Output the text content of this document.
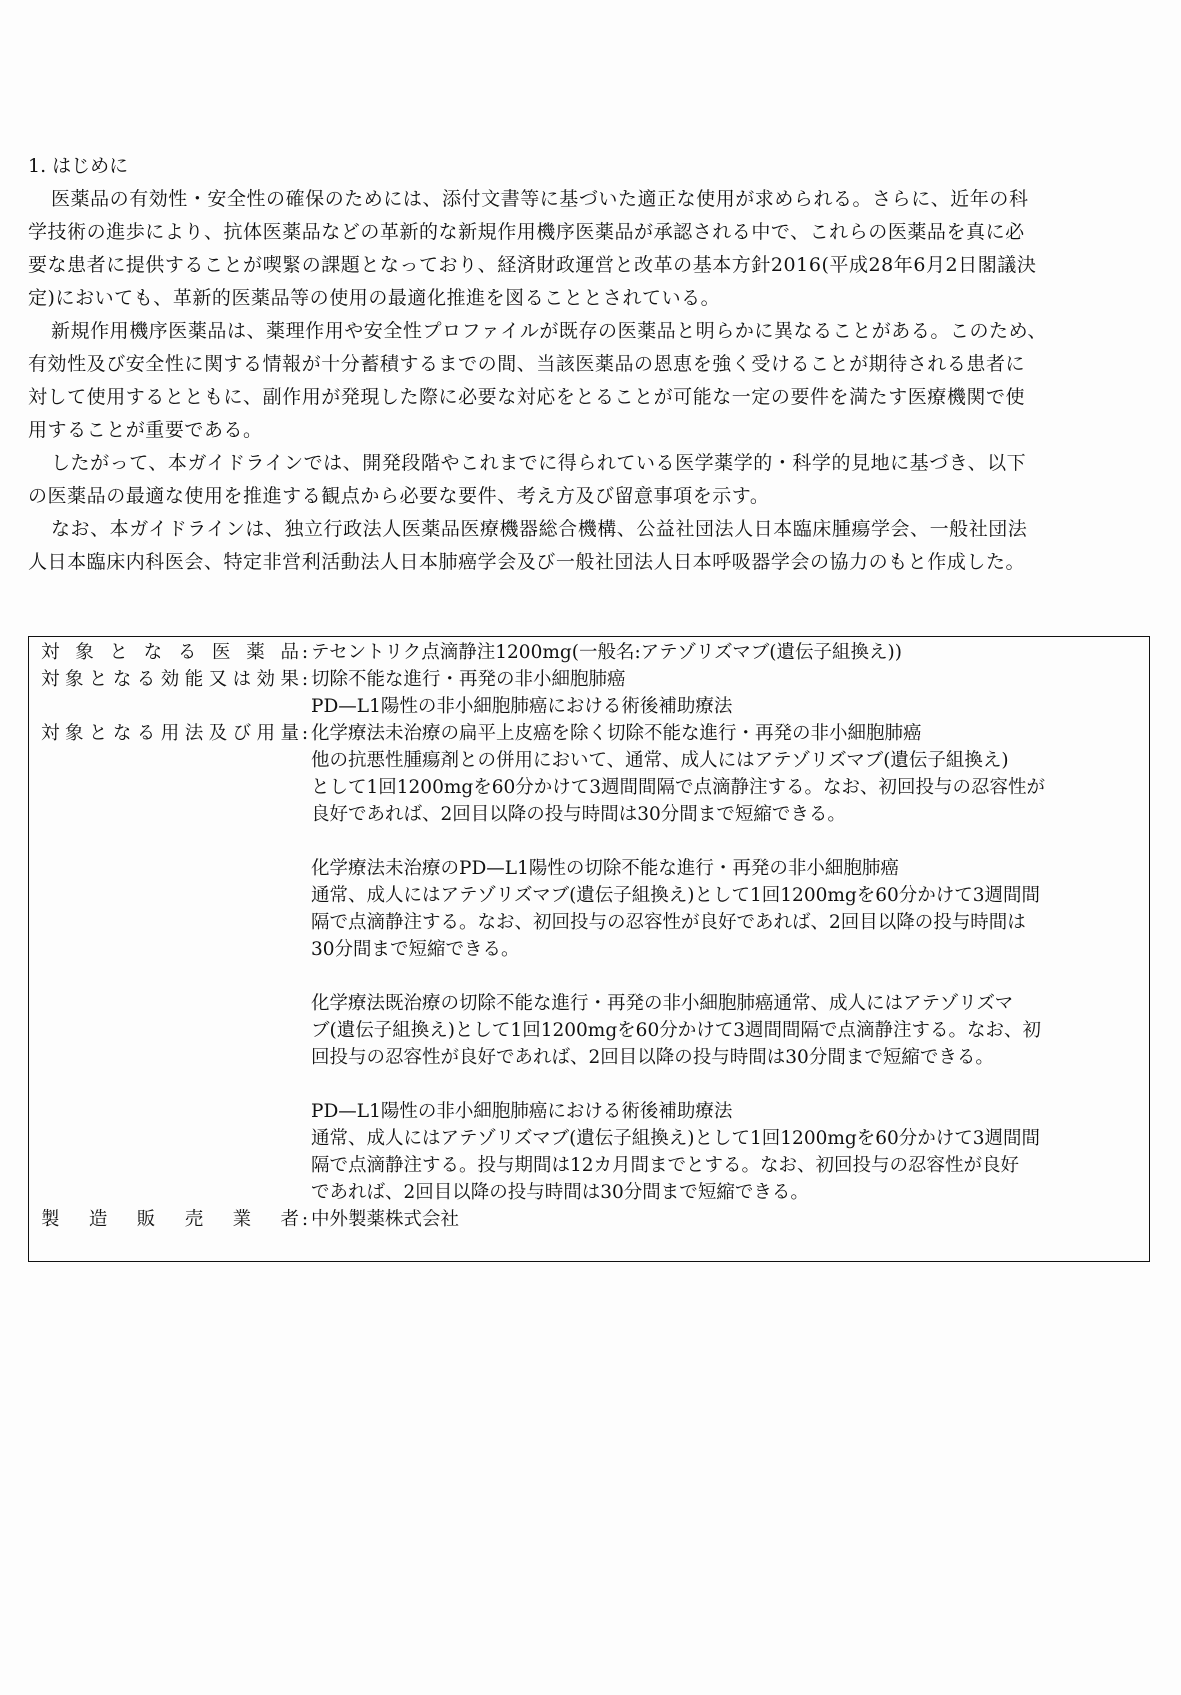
1. はじめに

医薬品の有効性・安全性の確保のためには、添付文書等に基づいた適正な使用が求められる。さらに、近年の科
学技術の進歩により、抗体医薬品などの革新的な新規作用機序医薬品が承認される中で、これらの医薬品を真に必
要な患者に提供することが喫緊の課題となっており、経済財政運営と改革の基本方針2016(平成28年6月2日閣議決
定)においても、革新的医薬品等の使用の最適化推進を図ることとされている。

新規作用機序医薬品は、薬理作用や安全性プロファイルが既存の医薬品と明らかに異なることがある。このため、
有効性及び安全性に関する情報が十分蓄積するまでの間、当該医薬品の恩恵を強く受けることが期待される患者に
対して使用するとともに、副作用が発現した際に必要な対応をとることが可能な一定の要件を満たす医療機関で使
用することが重要である。

したがって、本ガイドラインでは、開発段階やこれまでに得られている医学薬学的・科学的見地に基づき、以下
の医薬品の最適な使用を推進する観点から必要な要件、考え方及び留意事項を示す。

なお、本ガイドラインは、独立行政法人医薬品医療機器総合機構、公益社団法人日本臨床腫瘍学会、一般社団法
人日本臨床内科医会、特定非営利活動法人日本肺癌学会及び一般社団法人日本呼吸器学会の協力のもと作成した。

対象となる医薬品 : テセントリク点滴静注1200mg(一般名:アテゾリズマブ(遺伝子組換え))
対象となる効能又は効果 : 切除不能な進行・再発の非小細胞肺癌
PD—L1陽性の非小細胞肺癌における術後補助療法
対象となる用法及び用量 : 化学療法未治療の扁平上皮癌を除く切除不能な進行・再発の非小細胞肺癌
他の抗悪性腫瘍剤との併用において、通常、成人にはアテゾリズマブ(遺伝子組換え)
として1回1200mgを60分かけて3週間間隔で点滴静注する。なお、初回投与の忍容性が
良好であれば、2回目以降の投与時間は30分間まで短縮できる。
化学療法未治療のPD—L1陽性の切除不能な進行・再発の非小細胞肺癌
通常、成人にはアテゾリズマブ(遺伝子組換え)として1回1200mgを60分かけて3週間間
隔で点滴静注する。なお、初回投与の忍容性が良好であれば、2回目以降の投与時間は
30分間まで短縮できる。
化学療法既治療の切除不能な進行・再発の非小細胞肺癌通常、成人にはアテゾリズマ
ブ(遺伝子組換え)として1回1200mgを60分かけて3週間間隔で点滴静注する。なお、初
回投与の忍容性が良好であれば、2回目以降の投与時間は30分間まで短縮できる。
PD—L1陽性の非小細胞肺癌における術後補助療法
通常、成人にはアテゾリズマブ(遺伝子組換え)として1回1200mgを60分かけて3週間間
隔で点滴静注する。投与期間は12カ月間までとする。なお、初回投与の忍容性が良好
であれば、2回目以降の投与時間は30分間まで短縮できる。
製造販売業者 : 中外製薬株式会社
